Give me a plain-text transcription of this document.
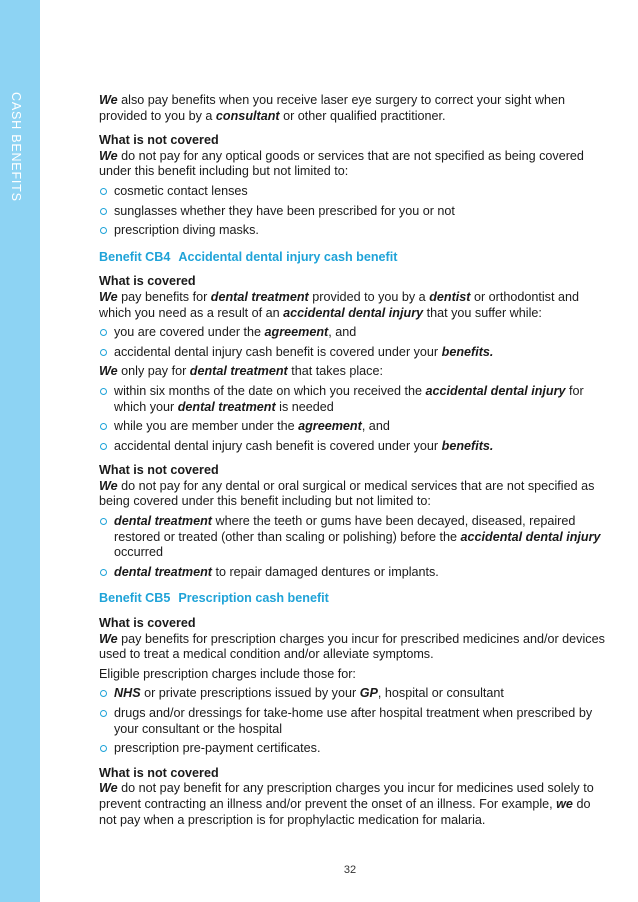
CASH BENEFITS	We also pay benefits when you receive laser eye surgery to correct your sight when provided to you by a consultant or other qualified practitioner.

What is not covered

We do not pay for any optical goods or services that are not specified as being covered under this benefit including but not limited to:

cosmetic contact lenses

sunglasses whether they have been prescribed for you or not

prescription diving masks.

Benefit CB4 Accidental dental injury cash benefit

What is covered

We pay benefits for dental treatment provided to you by a dentist or orthodontist and which you need as a result of an accidental dental injury that you suffer while:

you are covered under the agreement, and

accidental dental injury cash benefit is covered under your benefits.

We only pay for dental treatment that takes place:

within six months of the date on which you received the accidental dental injury for which your dental treatment is needed

while you are member under the agreement, and

accidental dental injury cash benefit is covered under your benefits.

What is not covered

We do not pay for any dental or oral surgical or medical services that are not specified as being covered under this benefit including but not limited to:

dental treatment where the teeth or gums have been decayed, diseased, repaired restored or treated (other than scaling or polishing) before the accidental dental injury occurred

dental treatment to repair damaged dentures or implants.

Benefit CB5 Prescription cash benefit

What is covered

We pay benefits for prescription charges you incur for prescribed medicines and/or devices used to treat a medical condition and/or alleviate symptoms.

Eligible prescription charges include those for:

NHS or private prescriptions issued by your GP, hospital or consultant

drugs and/or dressings for take-home use after hospital treatment when prescribed by your consultant or the hospital

prescription pre-payment certificates.

What is not covered

We do not pay benefit for any prescription charges you incur for medicines used solely to prevent contracting an illness and/or prevent the onset of an illness. For example, we do not pay when a prescription is for prophylactic medication for malaria.

32
